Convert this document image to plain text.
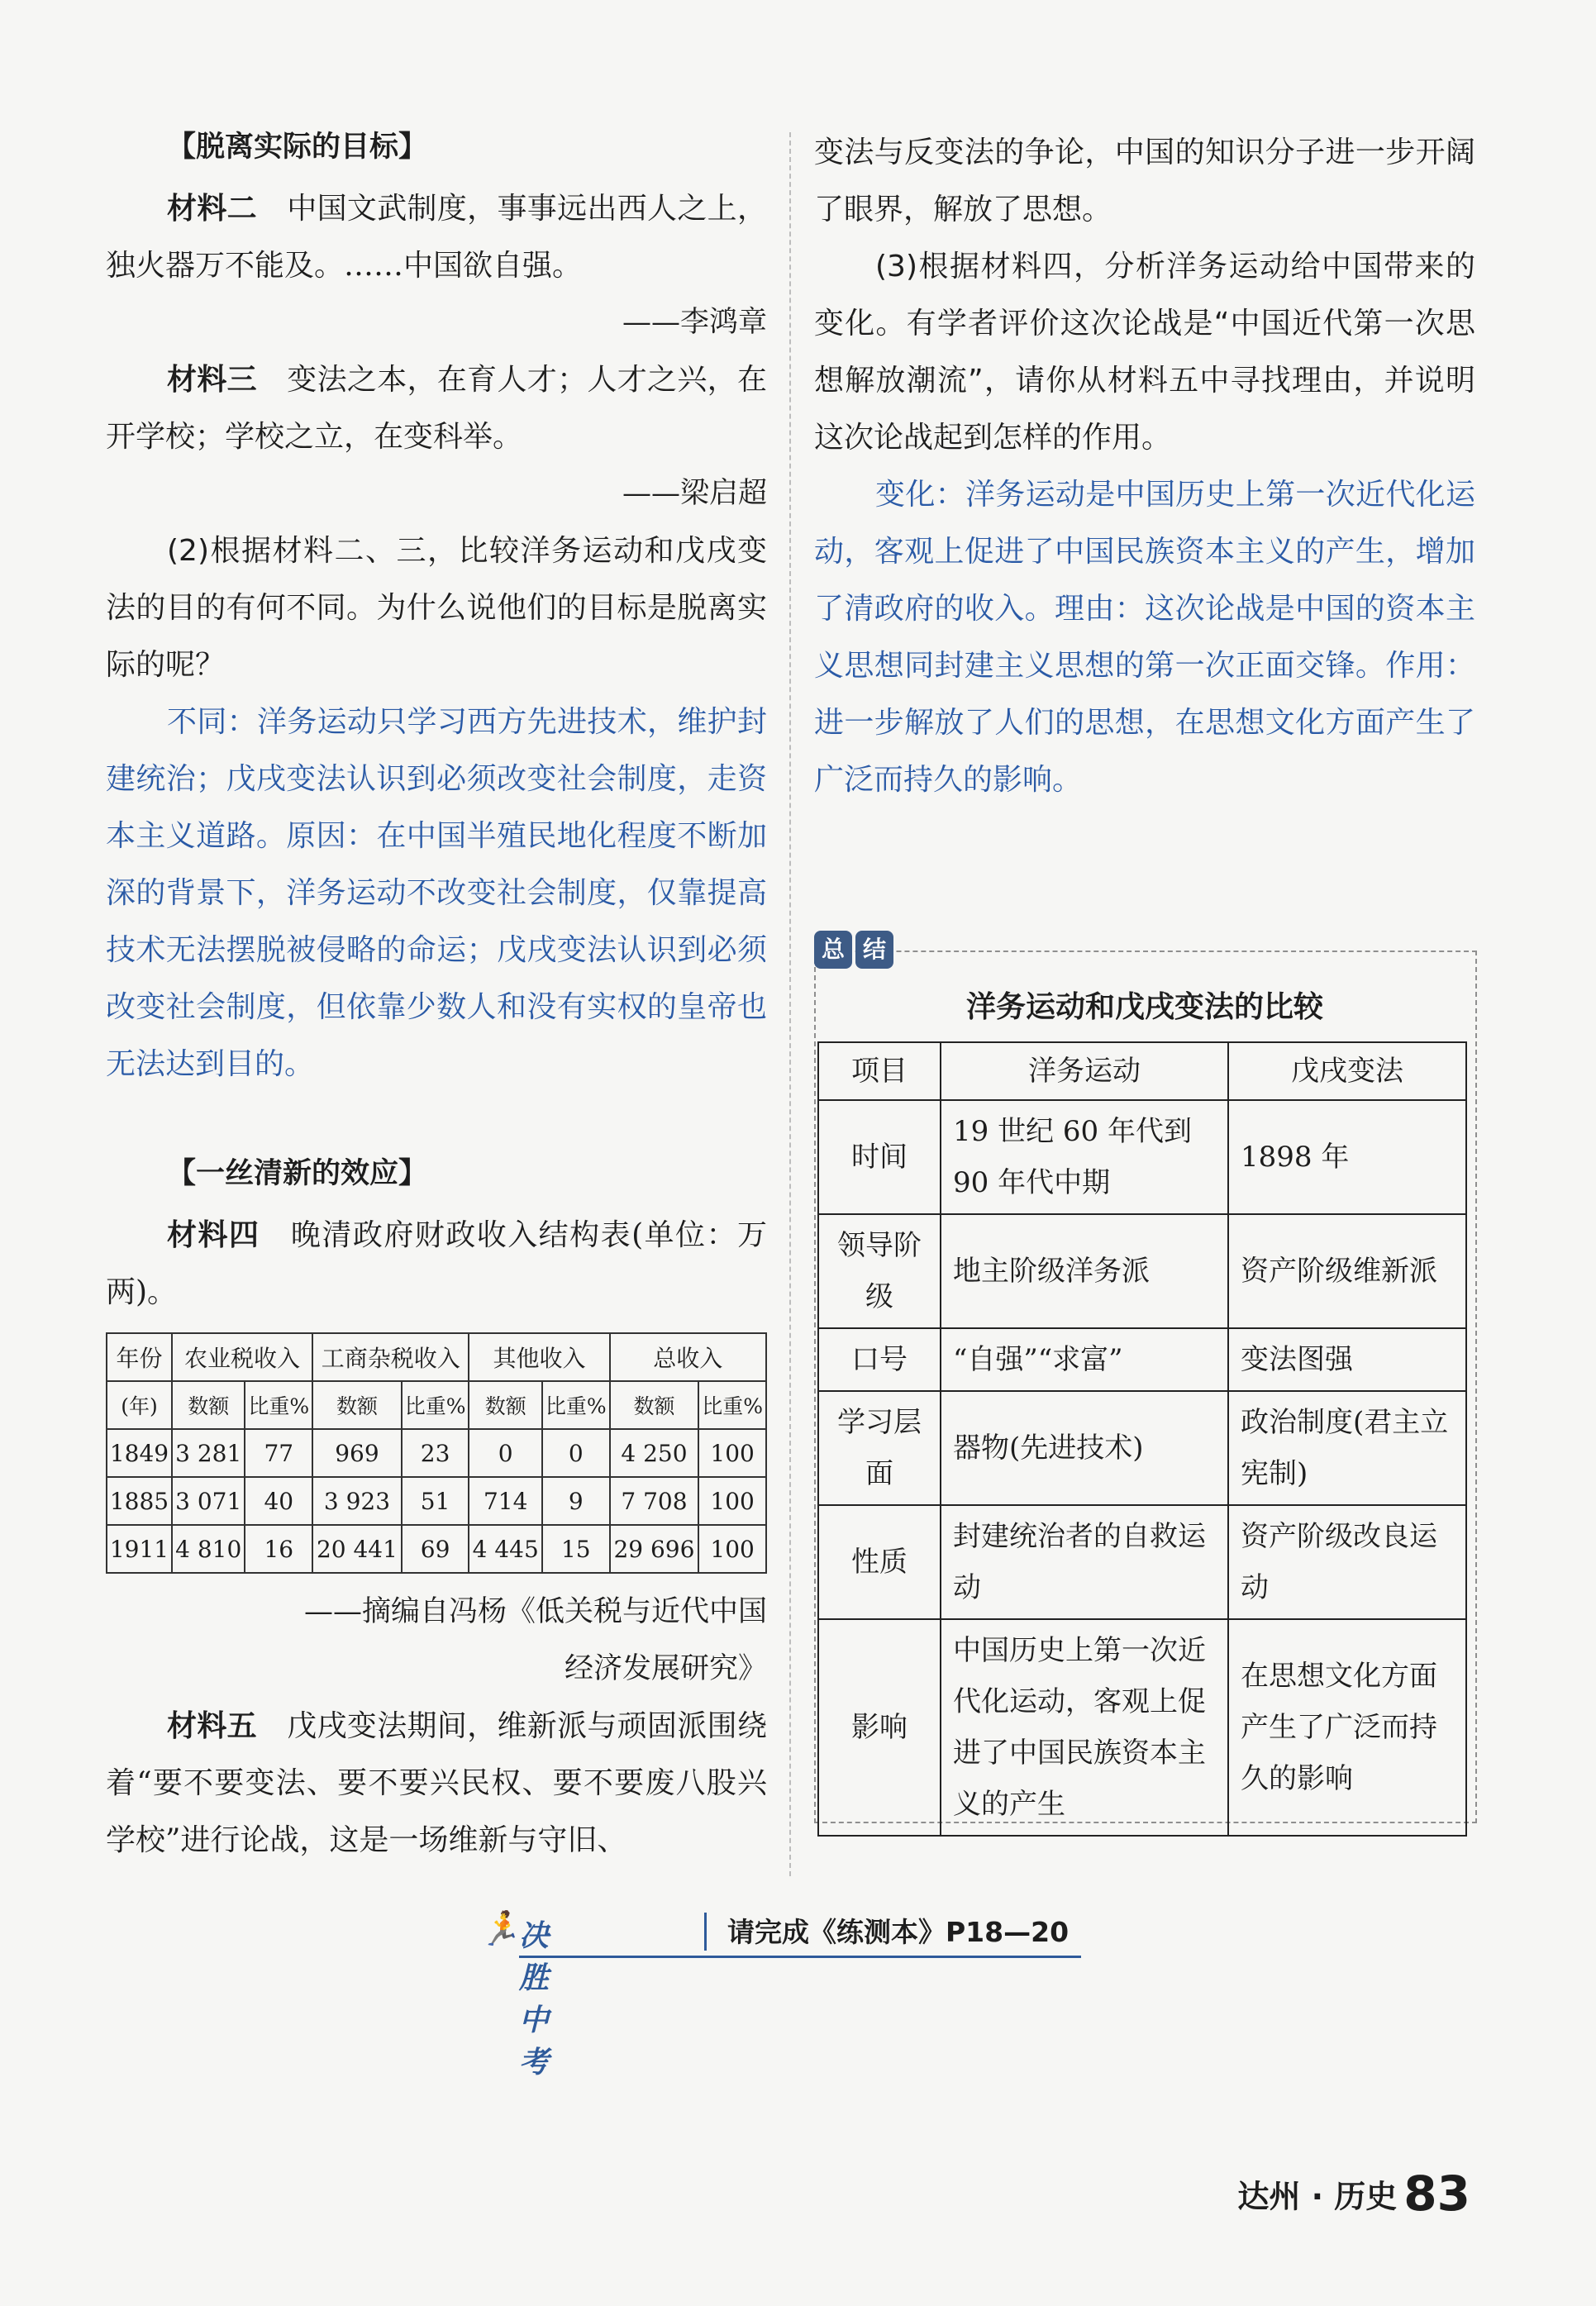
【脱离实际的目标】

材料二　 中国文武制度，事事远出西人之上，独火器万不能及。……中国欲自强。

——李鸿章

材料三　 变法之本，在育人才；人才之兴，在开学校；学校之立，在变科举。

——梁启超

(2)根据材料二、三，比较洋务运动和戊戌变法的目的有何不同。为什么说他们的目标是脱离实际的呢？

不同：洋务运动只学习西方先进技术，维护封建统治；戊戌变法认识到必须改变社会制度，走资本主义道路。原因：在中国半殖民地化程度不断加深的背景下，洋务运动不改变社会制度，仅靠提高技术无法摆脱被侵略的命运；戊戌变法认识到必须改变社会制度，但依靠少数人和没有实权的皇帝也无法达到目的。

【一丝清新的效应】

材料四　 晚清政府财政收入结构表(单位：万两)。

年份	农业税收入		工商杂税收入		其他收入		总收入	
(年)	数额	比重%	数额	比重%	数额	比重%	数额	比重%
1849	3 281	77	969	23	0	0	4 250	100
1885	3 071	40	3 923	51	714	9	7 708	100
1911	4 810	16	20 441	69	4 445	15	29 696	100
——摘编自冯杨《低关税与近代中国
经济发展研究》

材料五　 戊戌变法期间，维新派与顽固派围绕着“要不要变法、要不要兴民权、要不要废八股兴学校”进行论战，这是一场维新与守旧、

变法与反变法的争论，中国的知识分子进一步开阔了眼界，解放了思想。

(3)根据材料四，分析洋务运动给中国带来的变化。有学者评价这次论战是“中国近代第一次思想解放潮流”，请你从材料五中寻找理由，并说明这次论战起到怎样的作用。

变化：洋务运动是中国历史上第一次近代化运动，客观上促进了中国民族资本主义的产生，增加了清政府的收入。理由：这次论战是中国的资本主义思想同封建主义思想的第一次正面交锋。作用：进一步解放了人们的思想，在思想文化方面产生了广泛而持久的影响。

总 结
洋务运动和戊戌变法的比较
项目	洋务运动	戊戌变法
时间	19 世纪 60 年代到 90 年代中期	1898 年
领导阶级	地主阶级洋务派	资产阶级维新派
口号	“自强”“求富”	变法图强
学习层面	器物(先进技术)	政治制度(君主立宪制)
性质	封建统治者的自救运动	资产阶级改良运动
影响	中国历史上第一次近代化运动，客观上促进了中国民族资本主义的产生	在思想文化方面产生了广泛而持久的影响
🏃
决胜中考
请完成《练测本》P18—20
达州 · 历史 83
